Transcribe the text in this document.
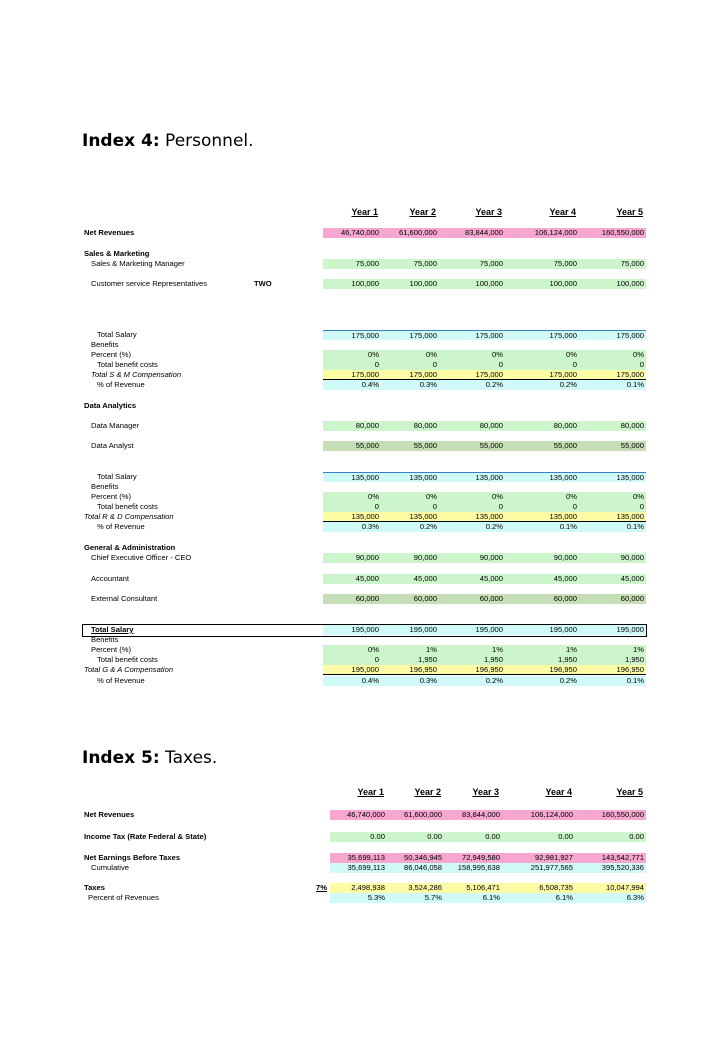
Index 4: Personnel.
Year 1	Year 2	Year 3	Year 4	Year 5
Net Revenues	46,740,000	61,600,000	83,844,000	106,124,000	160,550,000
Sales & Marketing
Sales & Marketing Manager	75,000	75,000	75,000	75,000	75,000
Customer service Representatives	TWO	100,000	100,000	100,000	100,000	100,000
Total Salary	175,000	175,000	175,000	175,000	175,000
Benefits
Percent (%)	0%	0%	0%	0%	0%
Total benefit costs	0	0	0	0	0
Total S & M Compensation	175,000	175,000	175,000	175,000	175,000
% of Revenue	0.4%	0.3%	0.2%	0.2%	0.1%
Data Analytics
Data Manager	80,000	80,000	80,000	80,000	80,000
Data Analyst	55,000	55,000	55,000	55,000	55,000
Total Salary	135,000	135,000	135,000	135,000	135,000
Benefits
Percent (%)	0%	0%	0%	0%	0%
Total benefit costs	0	0	0	0	0
Total R & D Compensation	135,000	135,000	135,000	135,000	135,000
% of Revenue	0.3%	0.2%	0.2%	0.1%	0.1%
General & Administration
Chief Executive Officer - CEO	90,000	90,000	90,000	90,000	90,000
Accountant	45,000	45,000	45,000	45,000	45,000
External Consultant	60,000	60,000	60,000	60,000	60,000
Total Salary	195,000	195,000	195,000	195,000	195,000
Benefits
Percent (%)	0%	1%	1%	1%	1%
Total benefit costs	0	1,950	1,950	1,950	1,950
Total G & A Compensation	195,000	196,950	196,950	196,950	196,950
% of Revenue	0.4%	0.3%	0.2%	0.2%	0.1%
Index 5: Taxes.
Year 1	Year 2	Year 3	Year 4	Year 5
Net Revenues	46,740,000	61,600,000	83,844,000	106,124,000	160,550,000
Income Tax (Rate Federal & State)	0.00	0.00	0.00	0.00	0.00
Net Earnings Before Taxes	35,699,113	50,346,945	72,949,580	92,981,927	143,542,771
Cumulative	35,699,113	86,046,058	158,995,638	251,977,565	395,520,336
Taxes	7%	2,498,938	3,524,286	5,106,471	6,508,735	10,047,994
Percent of Revenues	5.3%	5.7%	6.1%	6.1%	6.3%
